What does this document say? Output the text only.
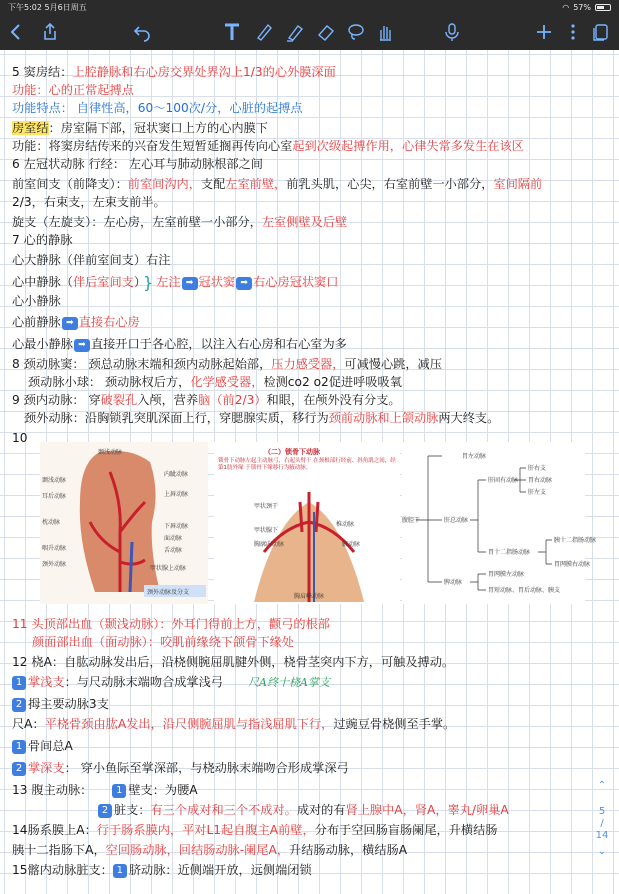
下午5:02 5月6日周五	◠ 57%
5 窦房结：上腔静脉和右心房交界处界沟上1/3的心外膜深面
功能：心的正常起搏点
功能特点： 自律性高，60～100次/分，心脏的起搏点
房室结：房室隔下部，冠状窦口上方的心内膜下
功能：将窦房结传来的兴奋发生短暂延搁再传向心室起到次级起搏作用，心律失常多发生在该区
6 左冠状动脉 行经： 左心耳与肺动脉根部之间
前室间支（前降支）：前室间沟内，支配左室前壁，前乳头肌，心尖，右室前壁一小部分，室间隔前
2/3，右束支，左束支前半。
旋支（左旋支）：左心房，左室前壁一小部分，左室侧壁及后壁
7 心的静脉
心大静脉（伴前室间支）右注
心中静脉（伴后室间支） } 左注 ➡ 冠状窦 ➡ 右心房冠状窦口
心小静脉
心前静脉 ➡ 直接右心房
心最小静脉 ➡ 直接开口于各心腔，以注入右心房和右心室为多
8 颈动脉窦： 颈总动脉末端和颈内动脉起始部，压力感受器，可减慢心跳，减压
颈动脉小球： 颈动脉杈后方，化学感受器，检测co2 o2促进呼吸吸氧
9 颈内动脉： 穿破裂孔入颅，营养脑（前2/3）和眼，在颅外没有分支。
颈外动脉：沿胸锁乳突肌深面上行，穿腮腺实质，移行为颈前动脉和上颌动脉两大终支。
10
颞浅动脉
颞浅动脉
耳后动脉
枕动脉
咽升动脉
颈外动脉
内眦动脉
上唇动脉
下唇动脉
面动脉
舌动脉
甲状腺上动脉
颈外动脉及分支
（二）锁骨下动脉
锁骨下动脉左起主动脉弓，右起头臂干 在颈根部行经前、斜角肌之间，经第1肋外缘 于锁骨下缘移行为腋动脉。
甲状颈干
甲状腺下
胸廓内动脉
椎动脉
腋动脉
胸肩峰动脉
胃左动脉
肝固有动脉
肝右支
肝左支
胃右动脉
肝总动脉
胃十二指肠动脉
胰十二指肠动脉
胃网膜右动脉
腹腔干
胃网膜左动脉
脾动脉
胃短动脉、胃后动脉、胰支
11 头顶部出血（颞浅动脉）：外耳门得前上方，颧弓的根部
颜面部出血（面动脉）：咬肌前缘绕下颌骨下缘处
12 桡A：自肱动脉发出后，沿桡侧腕屈肌腱外侧，桡骨茎突内下方，可触及搏动。
1 掌浅支：与尺动脉末端吻合成掌浅弓 尺A终十桡A掌支
2 拇主要动脉3支
尺A：平桡骨颈由肱A发出，沿尺侧腕屈肌与指浅屈肌下行，过豌豆骨桡侧至手掌。
1 骨间总A
2 掌深支： 穿小鱼际至掌深部，与桡动脉末端吻合形成掌深弓
13 腹主动脉： 1 壁支：为腰A
2 脏支：有三个成对和三个不成对。成对的有肾上腺中A，肾A，睾丸/卵巢A
14肠系膜上A：行于肠系膜内，平对L1起自腹主A前壁，分布于空回肠盲肠阑尾，升横结肠
胰十二指肠下A，空回肠动脉，回结肠动脉-阑尾A，升结肠动脉，横结肠A
15髂内动脉脏支： 1 脐动脉：近侧端开放，远侧端闭锁
⌃
5
/
14
⌄
